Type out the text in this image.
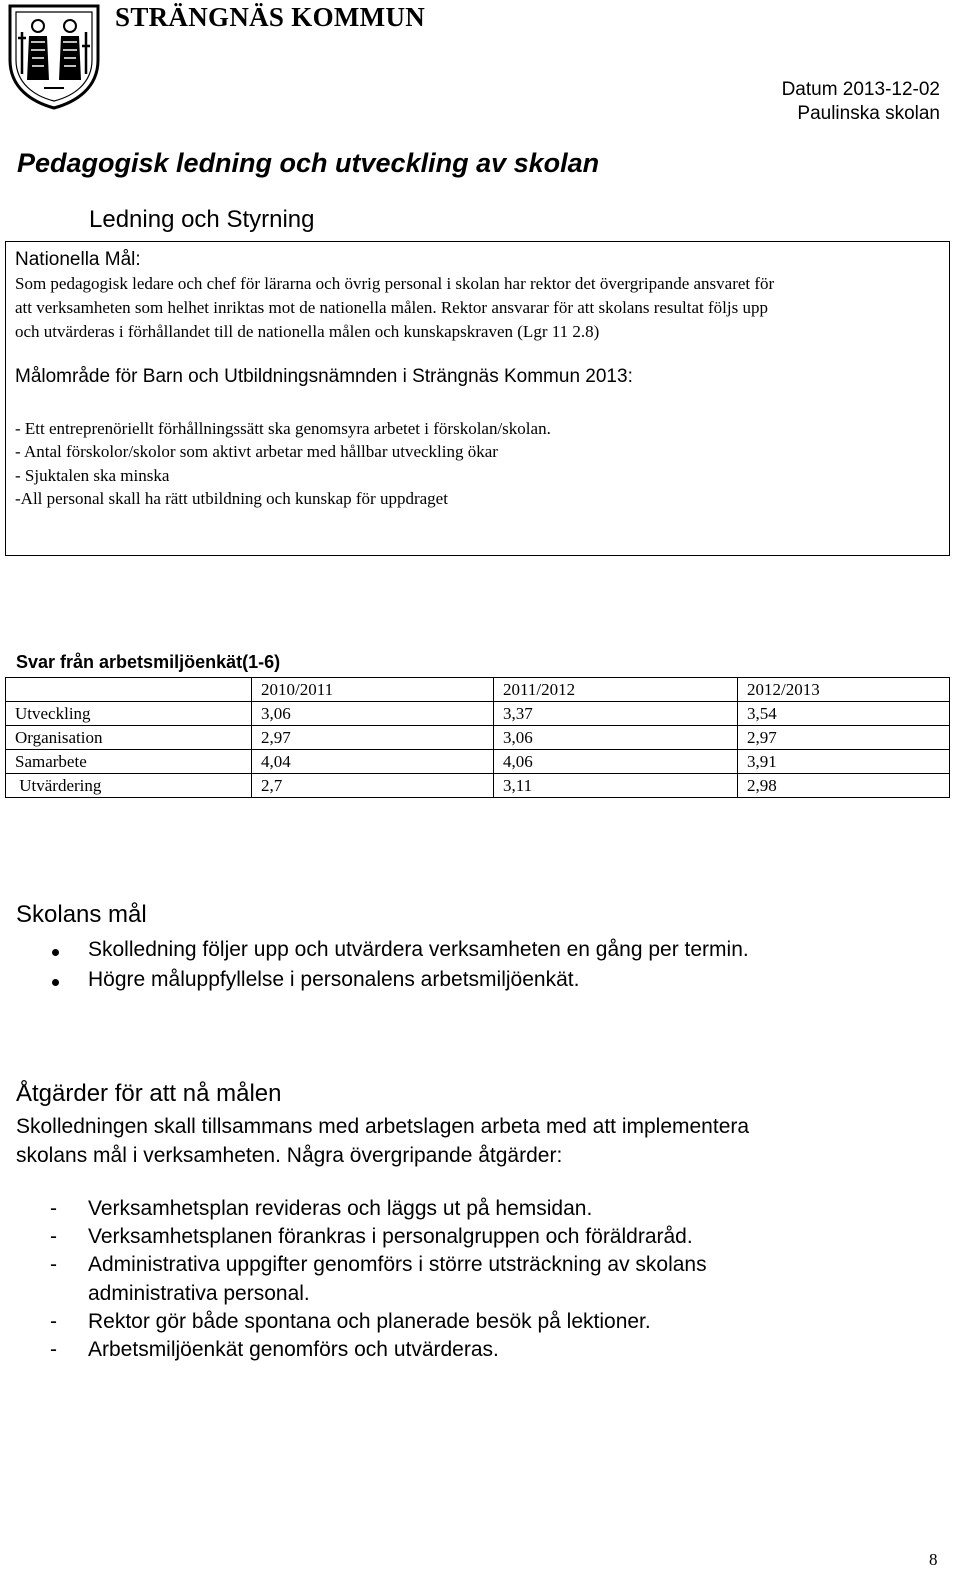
STRÄNGNÄS KOMMUN
Datum 2013-12-02
Paulinska skolan
Pedagogisk ledning och utveckling av skolan
Ledning och Styrning
Nationella Mål:
Som pedagogisk ledare och chef för lärarna och övrig personal i skolan har rektor det övergripande ansvaret för
att verksamheten som helhet inriktas mot de nationella målen. Rektor ansvarar för att skolans resultat följs upp
och utvärderas i förhållandet till de nationella målen och kunskapskraven (Lgr 11 2.8)
Målområde för Barn och Utbildningsnämnden i Strängnäs Kommun 2013:
- Ett entreprenöriellt förhållningssätt ska genomsyra arbetet i förskolan/skolan.
- Antal förskolor/skolor som aktivt arbetar med hållbar utveckling ökar
- Sjuktalen ska minska
-All personal skall ha rätt utbildning och kunskap för uppdraget
Svar från arbetsmiljöenkät(1-6)
	2010/2011	2011/2012	2012/2013
Utveckling	3,06	3,37	3,54
Organisation	2,97	3,06	2,97
Samarbete	4,04	4,06	3,91
Utvärdering	2,7	3,11	2,98
Skolans mål
Skolledning följer upp och utvärdera verksamheten en gång per termin.
Högre måluppfyllelse i personalens arbetsmiljöenkät.
Åtgärder för att nå målen
Skolledningen skall tillsammans med arbetslagen arbeta med att implementera
skolans mål i verksamheten. Några övergripande åtgärder:
- Verksamhetsplan revideras och läggs ut på hemsidan.
- Verksamhetsplanen förankras i personalgruppen och föräldraråd.
- Administrativa uppgifter genomförs i större utsträckning av skolans
administrativa personal.
- Rektor gör både spontana och planerade besök på lektioner.
- Arbetsmiljöenkät genomförs och utvärderas.
8
